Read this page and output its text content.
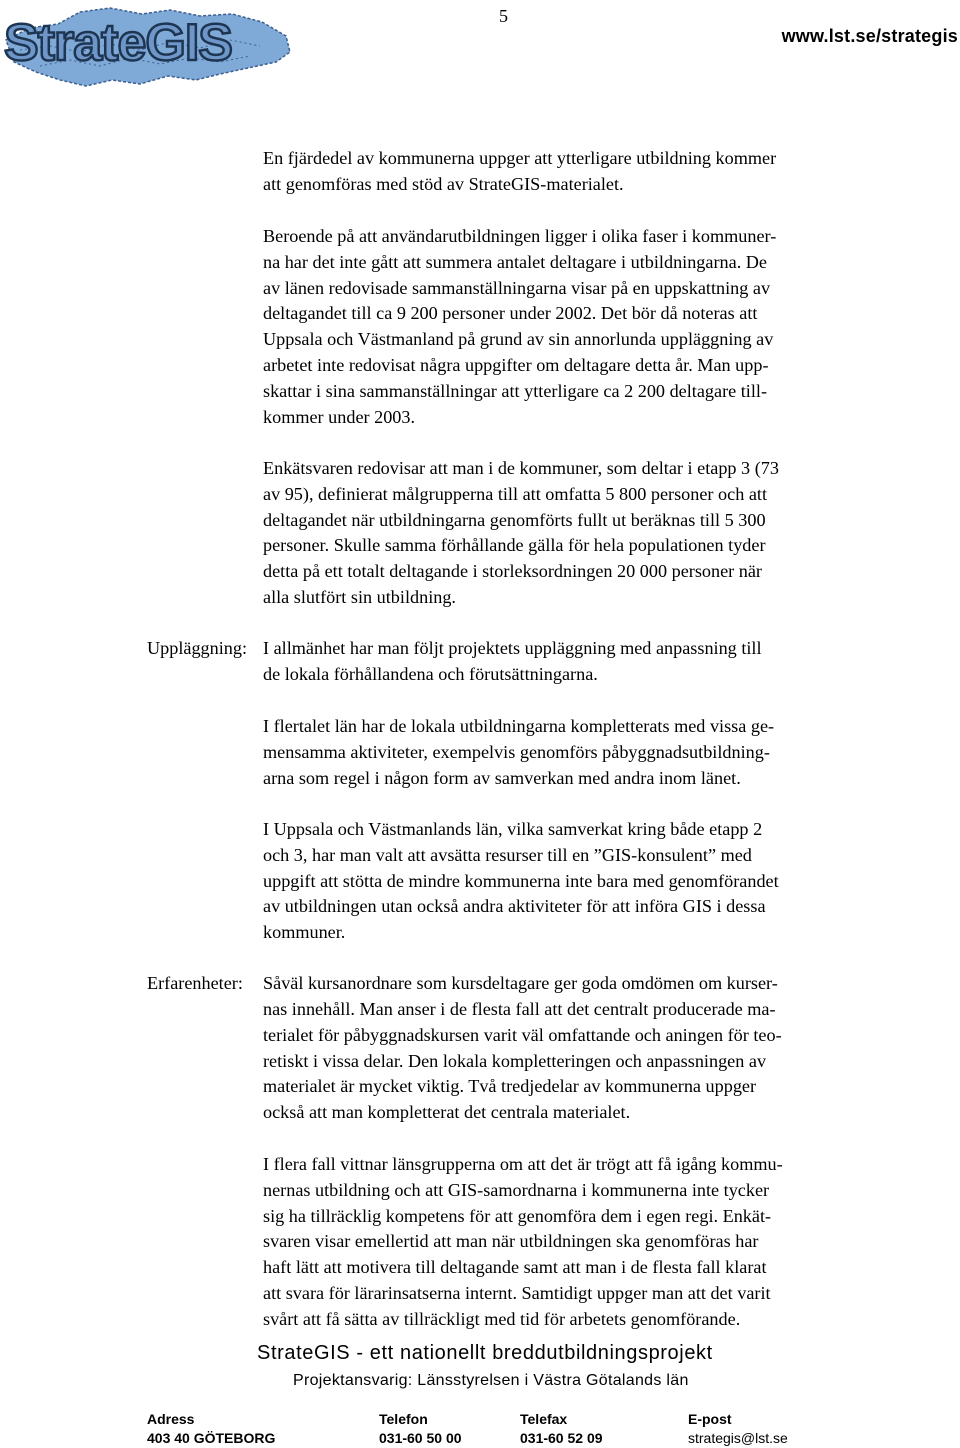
StrateGIS	5
www.lst.se/strategis

En fjärdedel av kommunerna uppger att ytterligare utbildning kommer
att genomföras med stöd av StrateGIS-materialet.

Beroende på att användarutbildningen ligger i olika faser i kommuner-
na har det inte gått att summera antalet deltagare i utbildningarna. De
av länen redovisade sammanställningarna visar på en uppskattning av
deltagandet till ca 9 200 personer under 2002. Det bör då noteras att
Uppsala och Västmanland på grund av sin annorlunda uppläggning av
arbetet inte redovisat några uppgifter om deltagare detta år. Man upp-
skattar i sina sammanställningar att ytterligare ca 2 200 deltagare till-
kommer under 2003.

Enkätsvaren redovisar att man i de kommuner, som deltar i etapp 3 (73
av 95), definierat målgrupperna till att omfatta 5 800 personer och att
deltagandet när utbildningarna genomförts fullt ut beräknas till 5 300
personer. Skulle samma förhållande gälla för hela populationen tyder
detta på ett totalt deltagande i storleksordningen 20 000 personer när
alla slutfört sin utbildning.

Uppläggning: I allmänhet har man följt projektets uppläggning med anpassning till

de lokala förhållandena och förutsättningarna.

I flertalet län har de lokala utbildningarna kompletterats med vissa ge-
mensamma aktiviteter, exempelvis genomförs påbyggnadsutbildning-
arna som regel i någon form av samverkan med andra inom länet.

I Uppsala och Västmanlands län, vilka samverkat kring både etapp 2
och 3, har man valt att avsätta resurser till en ”GIS-konsulent” med
uppgift att stötta de mindre kommunerna inte bara med genomförandet
av utbildningen utan också andra aktiviteter för att införa GIS i dessa
kommuner.

Erfarenheter: Såväl kursanordnare som kursdeltagare ger goda omdömen om kurser-

nas innehåll. Man anser i de flesta fall att det centralt producerade ma-
terialet för påbyggnadskursen varit väl omfattande och aningen för teo-
retiskt i vissa delar. Den lokala kompletteringen och anpassningen av
materialet är mycket viktig. Två tredjedelar av kommunerna uppger
också att man kompletterat det centrala materialet.

I flera fall vittnar länsgrupperna om att det är trögt att få igång kommu-
nernas utbildning och att GIS-samordnarna i kommunerna inte tycker
sig ha tillräcklig kompetens för att genomföra dem i egen regi. Enkät-
svaren visar emellertid att man när utbildningen ska genomföras har
haft lätt att motivera till deltagande samt att man i de flesta fall klarat
att svara för lärarinsatserna internt. Samtidigt uppger man att det varit
svårt att få sätta av tillräckligt med tid för arbetets genomförande.

StrateGIS - ett nationellt breddutbildningsprojekt
Projektansvarig: Länsstyrelsen i Västra Götalands län
Adress
403 40 GÖTEBORG
Telefon
031-60 50 00
Telefax
031-60 52 09
E-post
strategis@lst.se
